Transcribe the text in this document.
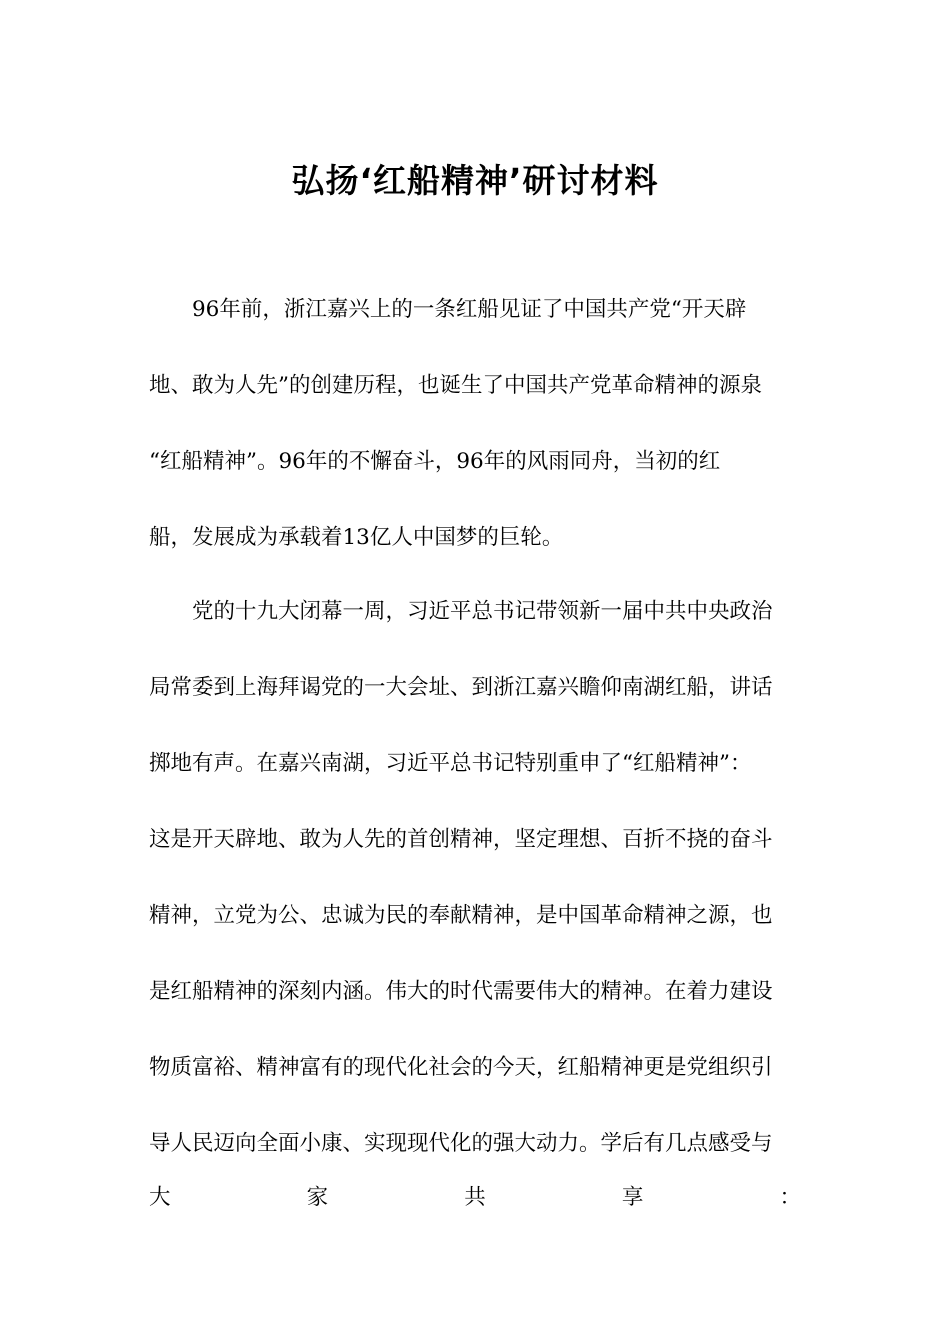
弘扬‘红船精神’研讨材料
96年前，浙江嘉兴上的一条红船见证了中国共产党“开天辟
地、敢为人先”的创建历程，也诞生了中国共产党革命精神的源泉
“红船精神”。96年的不懈奋斗，96年的风雨同舟，当初的红
船，发展成为承载着13亿人中国梦的巨轮。
党的十九大闭幕一周，习近平总书记带领新一届中共中央政治
局常委到上海拜谒党的一大会址、到浙江嘉兴瞻仰南湖红船，讲话
掷地有声。在嘉兴南湖，习近平总书记特别重申了“红船精神”：
这是开天辟地、敢为人先的首创精神，坚定理想、百折不挠的奋斗
精神，立党为公、忠诚为民的奉献精神，是中国革命精神之源，也
是红船精神的深刻内涵。伟大的时代需要伟大的精神。在着力建设
物质富裕、精神富有的现代化社会的今天，红船精神更是党组织引
导人民迈向全面小康、实现现代化的强大动力。学后有几点感受与
大	家	共	享	：
